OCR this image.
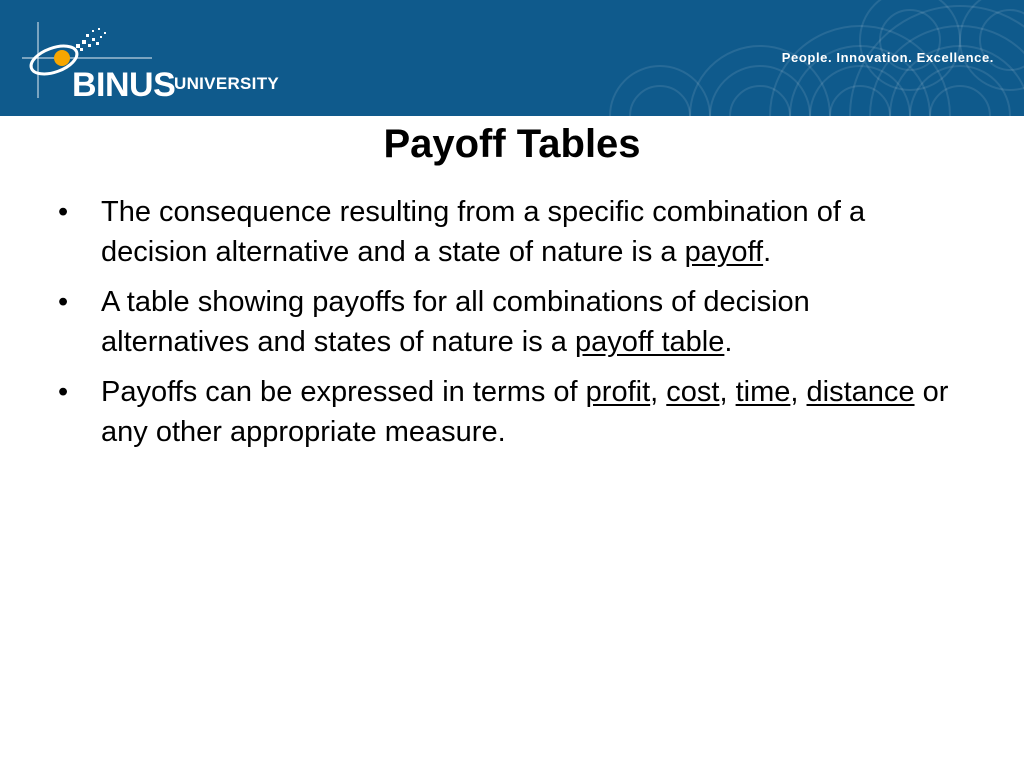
BINUS
UNIVERSITY
People. Innovation. Excellence.
Payoff Tables
• The consequence resulting from a specific combination of a decision alternative and a state of nature is a payoff.
• A table showing payoffs for all combinations of decision alternatives and states of nature is a payoff table.
• Payoffs can be expressed in terms of profit, cost, time, distance or any other appropriate measure.
